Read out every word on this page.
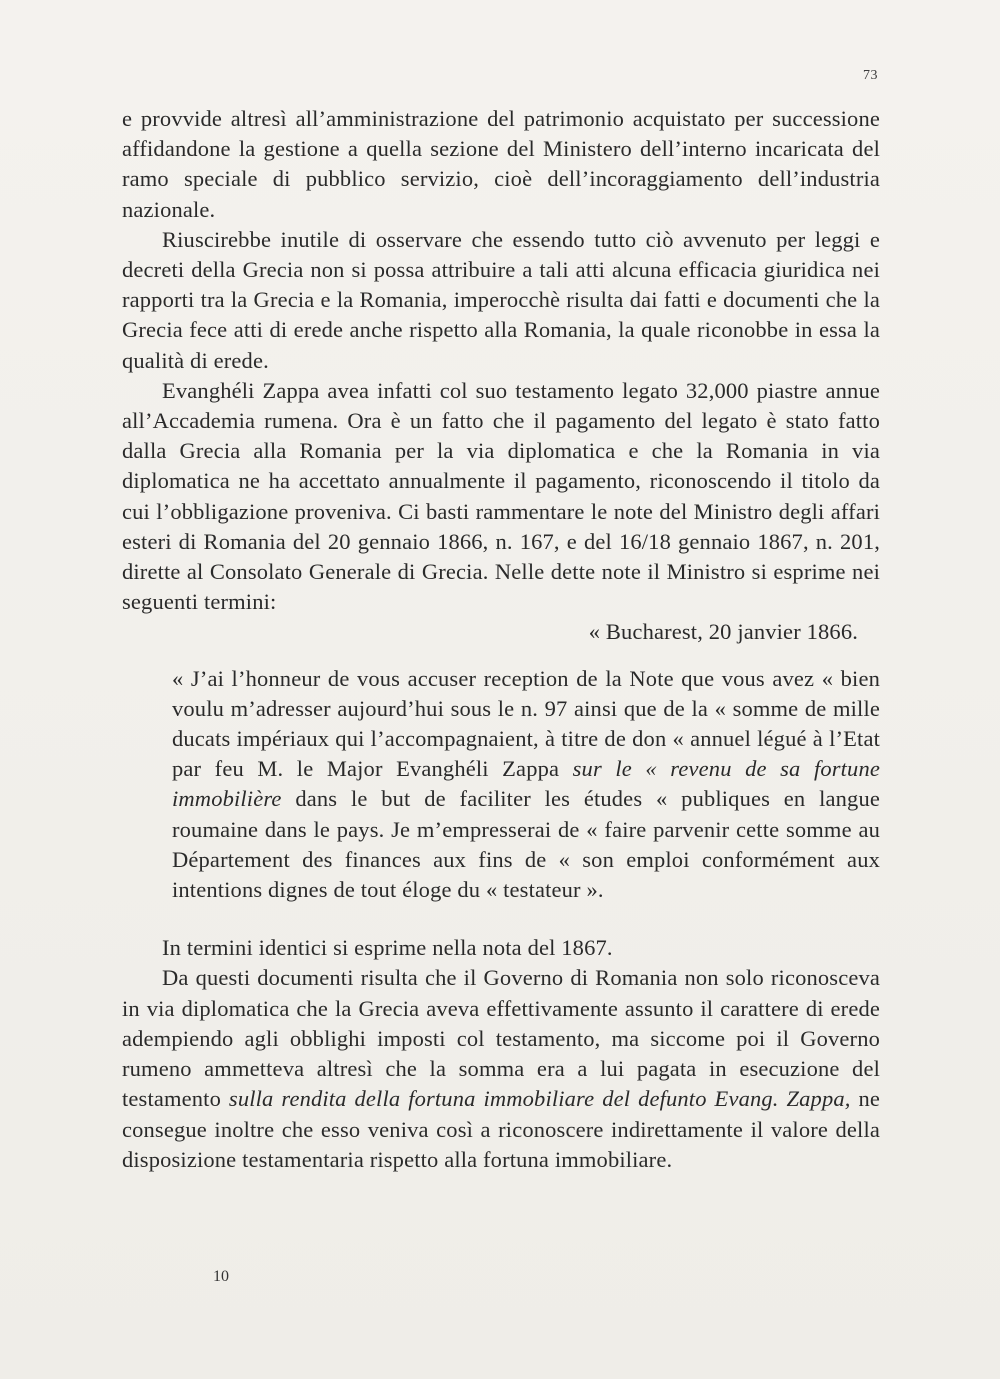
73

e provvide altresì all’amministrazione del patrimonio acquistato per successione affidandone la gestione a quella sezione del Ministero dell’interno incaricata del ramo speciale di pubblico servizio, cioè dell’incoraggiamento dell’industria nazionale.

Riuscirebbe inutile di osservare che essendo tutto ciò avvenuto per leggi e decreti della Grecia non si possa attribuire a tali atti alcuna efficacia giuridica nei rapporti tra la Grecia e la Romania, imperocchè risulta dai fatti e documenti che la Grecia fece atti di erede anche rispetto alla Romania, la quale riconobbe in essa la qualità di erede.

Evanghéli Zappa avea infatti col suo testamento legato 32,000 piastre annue all’Accademia rumena. Ora è un fatto che il pagamento del legato è stato fatto dalla Grecia alla Romania per la via diplomatica e che la Romania in via diplomatica ne ha accettato annualmente il pagamento, riconoscendo il titolo da cui l’obbligazione proveniva. Ci basti rammentare le note del Ministro degli affari esteri di Romania del 20 gennaio 1866, n. 167, e del 16/18 gennaio 1867, n. 201, dirette al Consolato Generale di Grecia. Nelle dette note il Ministro si esprime nei seguenti termini:

« Bucharest, 20 janvier 1866.

« J’ai l’honneur de vous accuser reception de la Note que vous avez « bien voulu m’adresser aujourd’hui sous le n. 97 ainsi que de la « somme de mille ducats impériaux qui l’accompagnaient, à titre de don « annuel légué à l’Etat par feu M. le Major Evanghéli Zappa sur le « revenu de sa fortune immobilière dans le but de faciliter les études « publiques en langue roumaine dans le pays. Je m’empresserai de « faire parvenir cette somme au Département des finances aux fins de « son emploi conformément aux intentions dignes de tout éloge du « testateur ».

In termini identici si esprime nella nota del 1867.

Da questi documenti risulta che il Governo di Romania non solo riconosceva in via diplomatica che la Grecia aveva effettivamente assunto il carattere di erede adempiendo agli obblighi imposti col testamento, ma siccome poi il Governo rumeno ammetteva altresì che la somma era a lui pagata in esecuzione del testamento sulla rendita della fortuna immobiliare del defunto Evang. Zappa, ne consegue inoltre che esso veniva così a riconoscere indirettamente il valore della disposizione testamentaria rispetto alla fortuna immobiliare.

10
